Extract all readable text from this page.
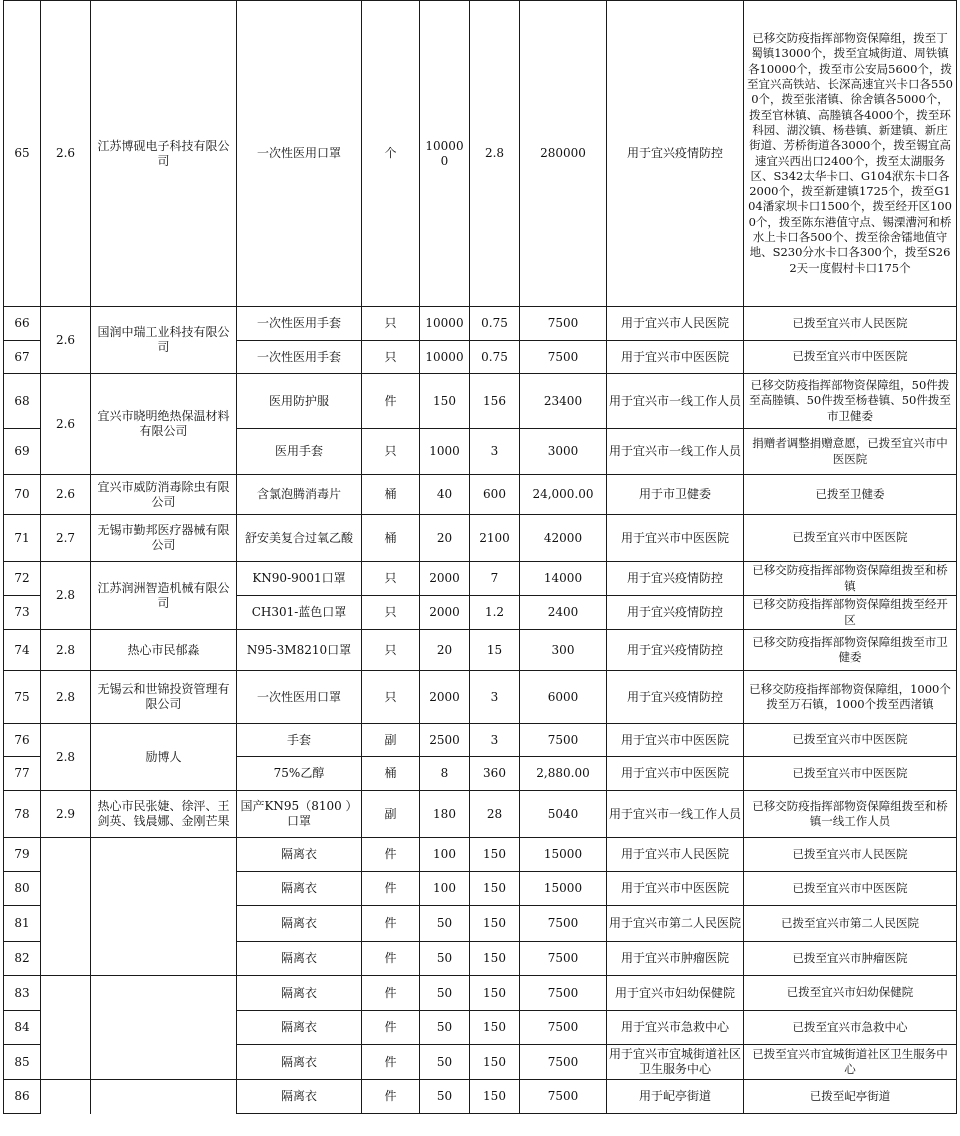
65	2.6	江苏博砚电子科技有限公司	一次性医用口罩	个	100000	2.8	280000	用于宜兴疫情防控	已移交防疫指挥部物资保障组，拨至丁蜀镇13000个，拨至宜城街道、周铁镇各10000个，拨至市公安局5600个，拨至宜兴高铁站、长深高速宜兴卡口各5500个，拨至张渚镇、徐舍镇各5000个，拨至官林镇、高塍镇各4000个，拨至环科园、湖㳇镇、杨巷镇、新建镇、新庄街道、芳桥街道各3000个，拨至锡宜高速宜兴西出口2400个，拨至太湖服务区、S342太华卡口、G104洑东卡口各2000个，拨至新建镇1725个，拨至G104潘家坝卡口1500个，拨至经开区1000个，拨至陈东港值守点、锡溧漕河和桥水上卡口各500个、拨至徐舍镭地值守地、S230分水卡口各300个，拨至S262天一度假村卡口175个
66	2.6	国润中瑞工业科技有限公司	一次性医用手套	只	10000	0.75	7500	用于宜兴市人民医院	已拨至宜兴市人民医院
67			一次性医用手套	只	10000	0.75	7500	用于宜兴市中医医院	已拨至宜兴市中医医院
68	2.6	宜兴市晓明绝热保温材料有限公司	医用防护服	件	150	156	23400	用于宜兴市一线工作人员	已移交防疫指挥部物资保障组，50件拨至高塍镇、50件拨至杨巷镇、50件拨至市卫健委
69			医用手套	只	1000	3	3000	用于宜兴市一线工作人员	捐赠者调整捐赠意愿，已拨至宜兴市中医医院
70	2.6	宜兴市威防消毒除虫有限公司	含氯泡腾消毒片	桶	40	600	24,000.00	用于市卫健委	已拨至卫健委
71	2.7	无锡市勤邦医疗器械有限公司	舒安美复合过氧乙酸	桶	20	2100	42000	用于宜兴市中医医院	已拨至宜兴市中医医院
72	2.8	江苏润洲智造机械有限公司	KN90-9001口罩	只	2000	7	14000	用于宜兴疫情防控	已移交防疫指挥部物资保障组拨至和桥镇
73			CH301-蓝色口罩	只	2000	1.2	2400	用于宜兴疫情防控	已移交防疫指挥部物资保障组拨至经开区
74	2.8	热心市民郁淼	N95-3M8210口罩	只	20	15	300	用于宜兴疫情防控	已移交防疫指挥部物资保障组拨至市卫健委
75	2.8	无锡云和世锦投资管理有限公司	一次性医用口罩	只	2000	3	6000	用于宜兴疫情防控	已移交防疫指挥部物资保障组，1000个拨至万石镇，1000个拨至西渚镇
76	2.8	励博人	手套	副	2500	3	7500	用于宜兴市中医医院	已拨至宜兴市中医医院
77			75%乙醇	桶	8	360	2,880.00	用于宜兴市中医医院	已拨至宜兴市中医医院
78	2.9	热心市民张婕、徐泙、王剑英、钱晨娜、金刚芒果	国产KN95（8100 ）口罩	副	180	28	5040	用于宜兴市一线工作人员	已移交防疫指挥部物资保障组拨至和桥镇一线工作人员
79			隔离衣	件	100	150	15000	用于宜兴市人民医院	已拨至宜兴市人民医院
80			隔离衣	件	100	150	15000	用于宜兴市中医医院	已拨至宜兴市中医医院
81			隔离衣	件	50	150	7500	用于宜兴市第二人民医院	已拨至宜兴市第二人民医院
82			隔离衣	件	50	150	7500	用于宜兴市肿瘤医院	已拨至宜兴市肿瘤医院
83			隔离衣	件	50	150	7500	用于宜兴市妇幼保健院	已拨至宜兴市妇幼保健院
84			隔离衣	件	50	150	7500	用于宜兴市急救中心	已拨至宜兴市急救中心
85			隔离衣	件	50	150	7500	用于宜兴市宜城街道社区卫生服务中心	已拨至宜兴市宜城街道社区卫生服务中心
86			隔离衣	件	50	150	7500	用于屺亭街道	已拨至屺亭街道
